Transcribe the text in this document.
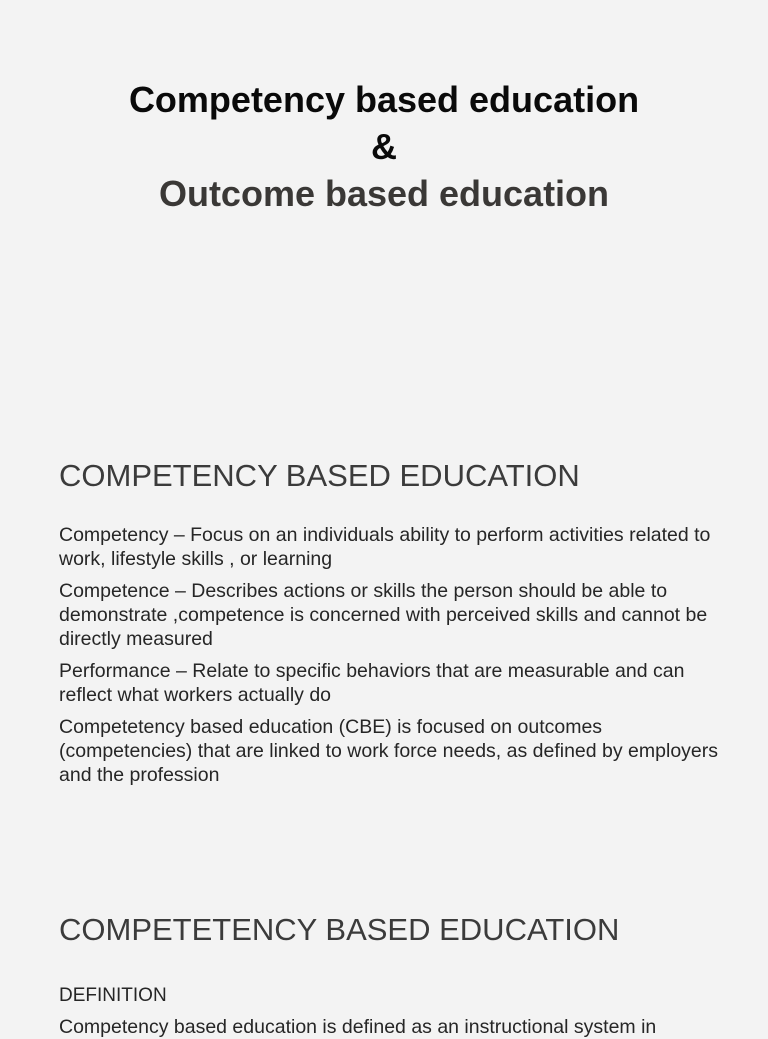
Competency based education
&
Outcome based education
COMPETENCY BASED EDUCATION
Competency – Focus on an individuals ability to perform activities related to work, lifestyle skills , or learning
Competence – Describes actions or skills the person should be able to demonstrate ,competence is concerned with perceived skills and cannot be directly measured
Performance – Relate to specific behaviors that are measurable and can reflect what workers actually do
Competetency based education (CBE) is focused on outcomes (competencies) that are linked to work force needs, as defined by employers and the profession
COMPETETENCY BASED EDUCATION
DEFINITION

Competency based education is defined as an instructional system in
